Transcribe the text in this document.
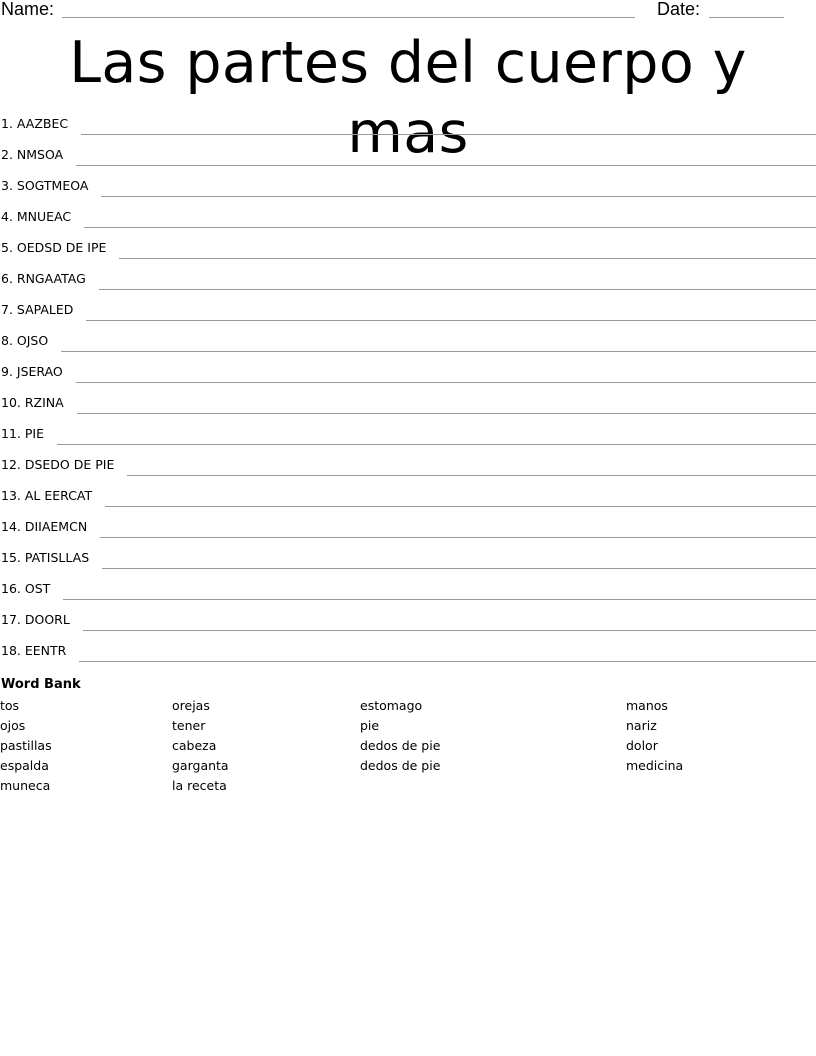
Name:	Date:
Las partes del cuerpo y mas
1. AAZBEC
2. NMSOA
3. SOGTMEOA
4. MNUEAC
5. OEDSD DE IPE
6. RNGAATAG
7. SAPALED
8. OJSO
9. JSERAO
10. RZINA
11. PIE
12. DSEDO DE PIE
13. AL EERCAT
14. DIIAEMCN
15. PATISLLAS
16. OST
17. DOORL
18. EENTR
Word Bank
tos
ojos
pastillas
espalda
muneca
orejas
tener
cabeza
garganta
la receta
estomago
pie
dedos de pie
dedos de pie
manos
nariz
dolor
medicina
